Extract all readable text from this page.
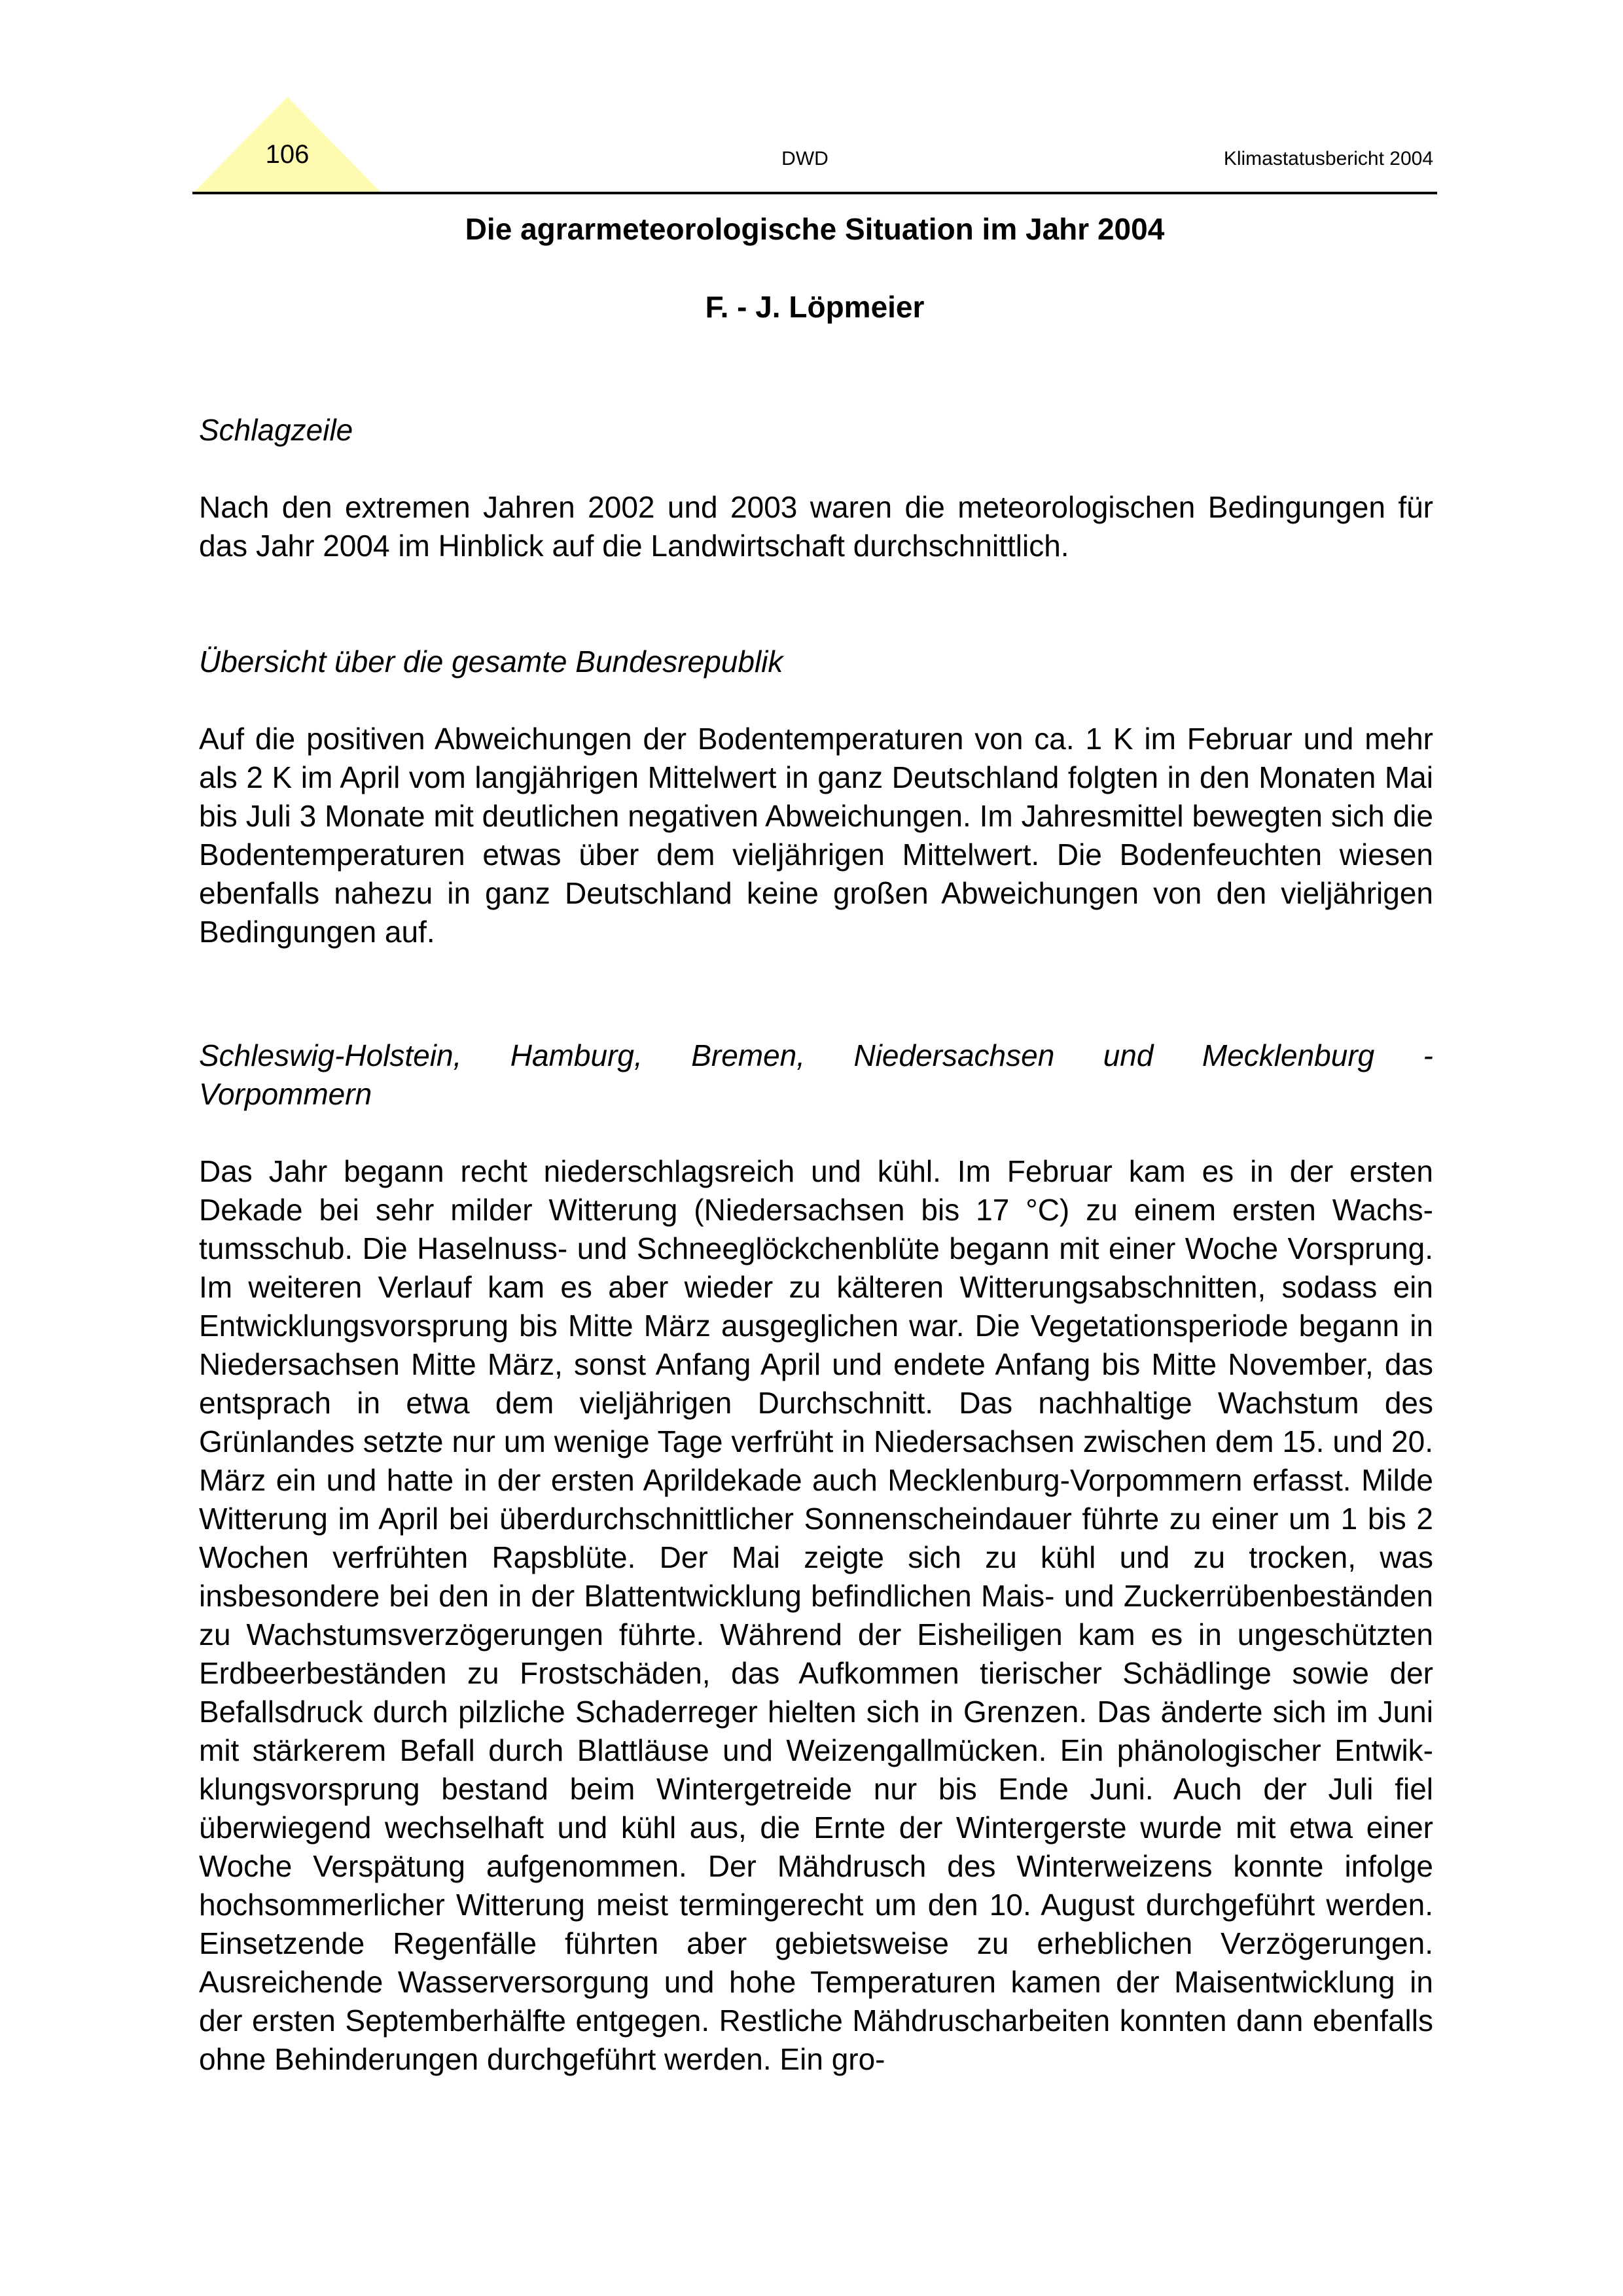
106	DWD	Klimastatusbericht 2004
Die agrarmeteorologische Situation im Jahr 2004
F. - J. Löpmeier

Schlagzeile

Nach den extremen Jahren 2002 und 2003 waren die meteorologischen Bedingungen für das Jahr 2004 im Hinblick auf die Landwirtschaft durchschnittlich.

Übersicht über die gesamte Bundesrepublik

Auf die positiven Abweichungen der Bodentemperaturen von ca. 1 K im Februar und mehr als 2 K im April vom langjährigen Mittelwert in ganz Deutschland folgten in den Monaten Mai bis Juli 3 Monate mit deutlichen negativen Abweichungen. Im Jahresmittel bewegten sich die Bodentemperaturen etwas über dem vieljährigen Mittelwert. Die Bodenfeuchten wiesen ebenfalls nahezu in ganz Deutschland keine großen Abweichungen von den vieljährigen Bedingungen auf.

Schleswig-Holstein, Hamburg, Bremen, Niedersachsen und Mecklenburg -

Vorpommern

Das Jahr begann recht niederschlagsreich und kühl. Im Februar kam es in der ersten Dekade bei sehr milder Witterung (Niedersachsen bis 17 °C) zu einem ersten Wachstumsschub. Die Haselnuss- und Schneeglöckchenblüte begann mit einer Woche Vorsprung. Im weiteren Verlauf kam es aber wieder zu kälteren Witterungsabschnitten, sodass ein Entwicklungsvorsprung bis Mitte März ausgeglichen war. Die Vegetationsperiode begann in Niedersachsen Mitte März, sonst Anfang April und endete Anfang bis Mitte November, das entsprach in etwa dem vieljährigen Durchschnitt. Das nachhaltige Wachstum des Grünlandes setzte nur um wenige Tage verfrüht in Niedersachsen zwischen dem 15. und 20. März ein und hatte in der ersten Aprildekade auch Mecklenburg-Vorpommern erfasst. Milde Witterung im April bei überdurchschnittlicher Sonnenscheindauer führte zu einer um 1 bis 2 Wochen verfrühten Rapsblüte. Der Mai zeigte sich zu kühl und zu trocken, was insbesondere bei den in der Blattentwicklung befindlichen Mais- und Zuckerrübenbeständen zu Wachstumsverzögerungen führte. Während der Eisheiligen kam es in ungeschützten Erdbeerbeständen zu Frostschäden, das Aufkommen tierischer Schädlinge sowie der Befallsdruck durch pilzliche Schaderreger hielten sich in Grenzen. Das änderte sich im Juni mit stärkerem Befall durch Blattläuse und Weizengallmücken. Ein phänologischer Entwikklungsvorsprung bestand beim Wintergetreide nur bis Ende Juni. Auch der Juli fiel überwiegend wechselhaft und kühl aus, die Ernte der Wintergerste wurde mit etwa einer Woche Verspätung aufgenommen. Der Mähdrusch des Winterweizens konnte infolge hochsommerlicher Witterung meist termingerecht um den 10. August durchgeführt werden. Einsetzende Regenfälle führten aber gebietsweise zu erheblichen Verzögerungen. Ausreichende Wasserversorgung und hohe Temperaturen kamen der Maisentwicklung in der ersten Septemberhälfte entgegen. Restliche Mähdruscharbeiten konnten dann ebenfalls ohne Behinderungen durchgeführt werden. Ein gro-
